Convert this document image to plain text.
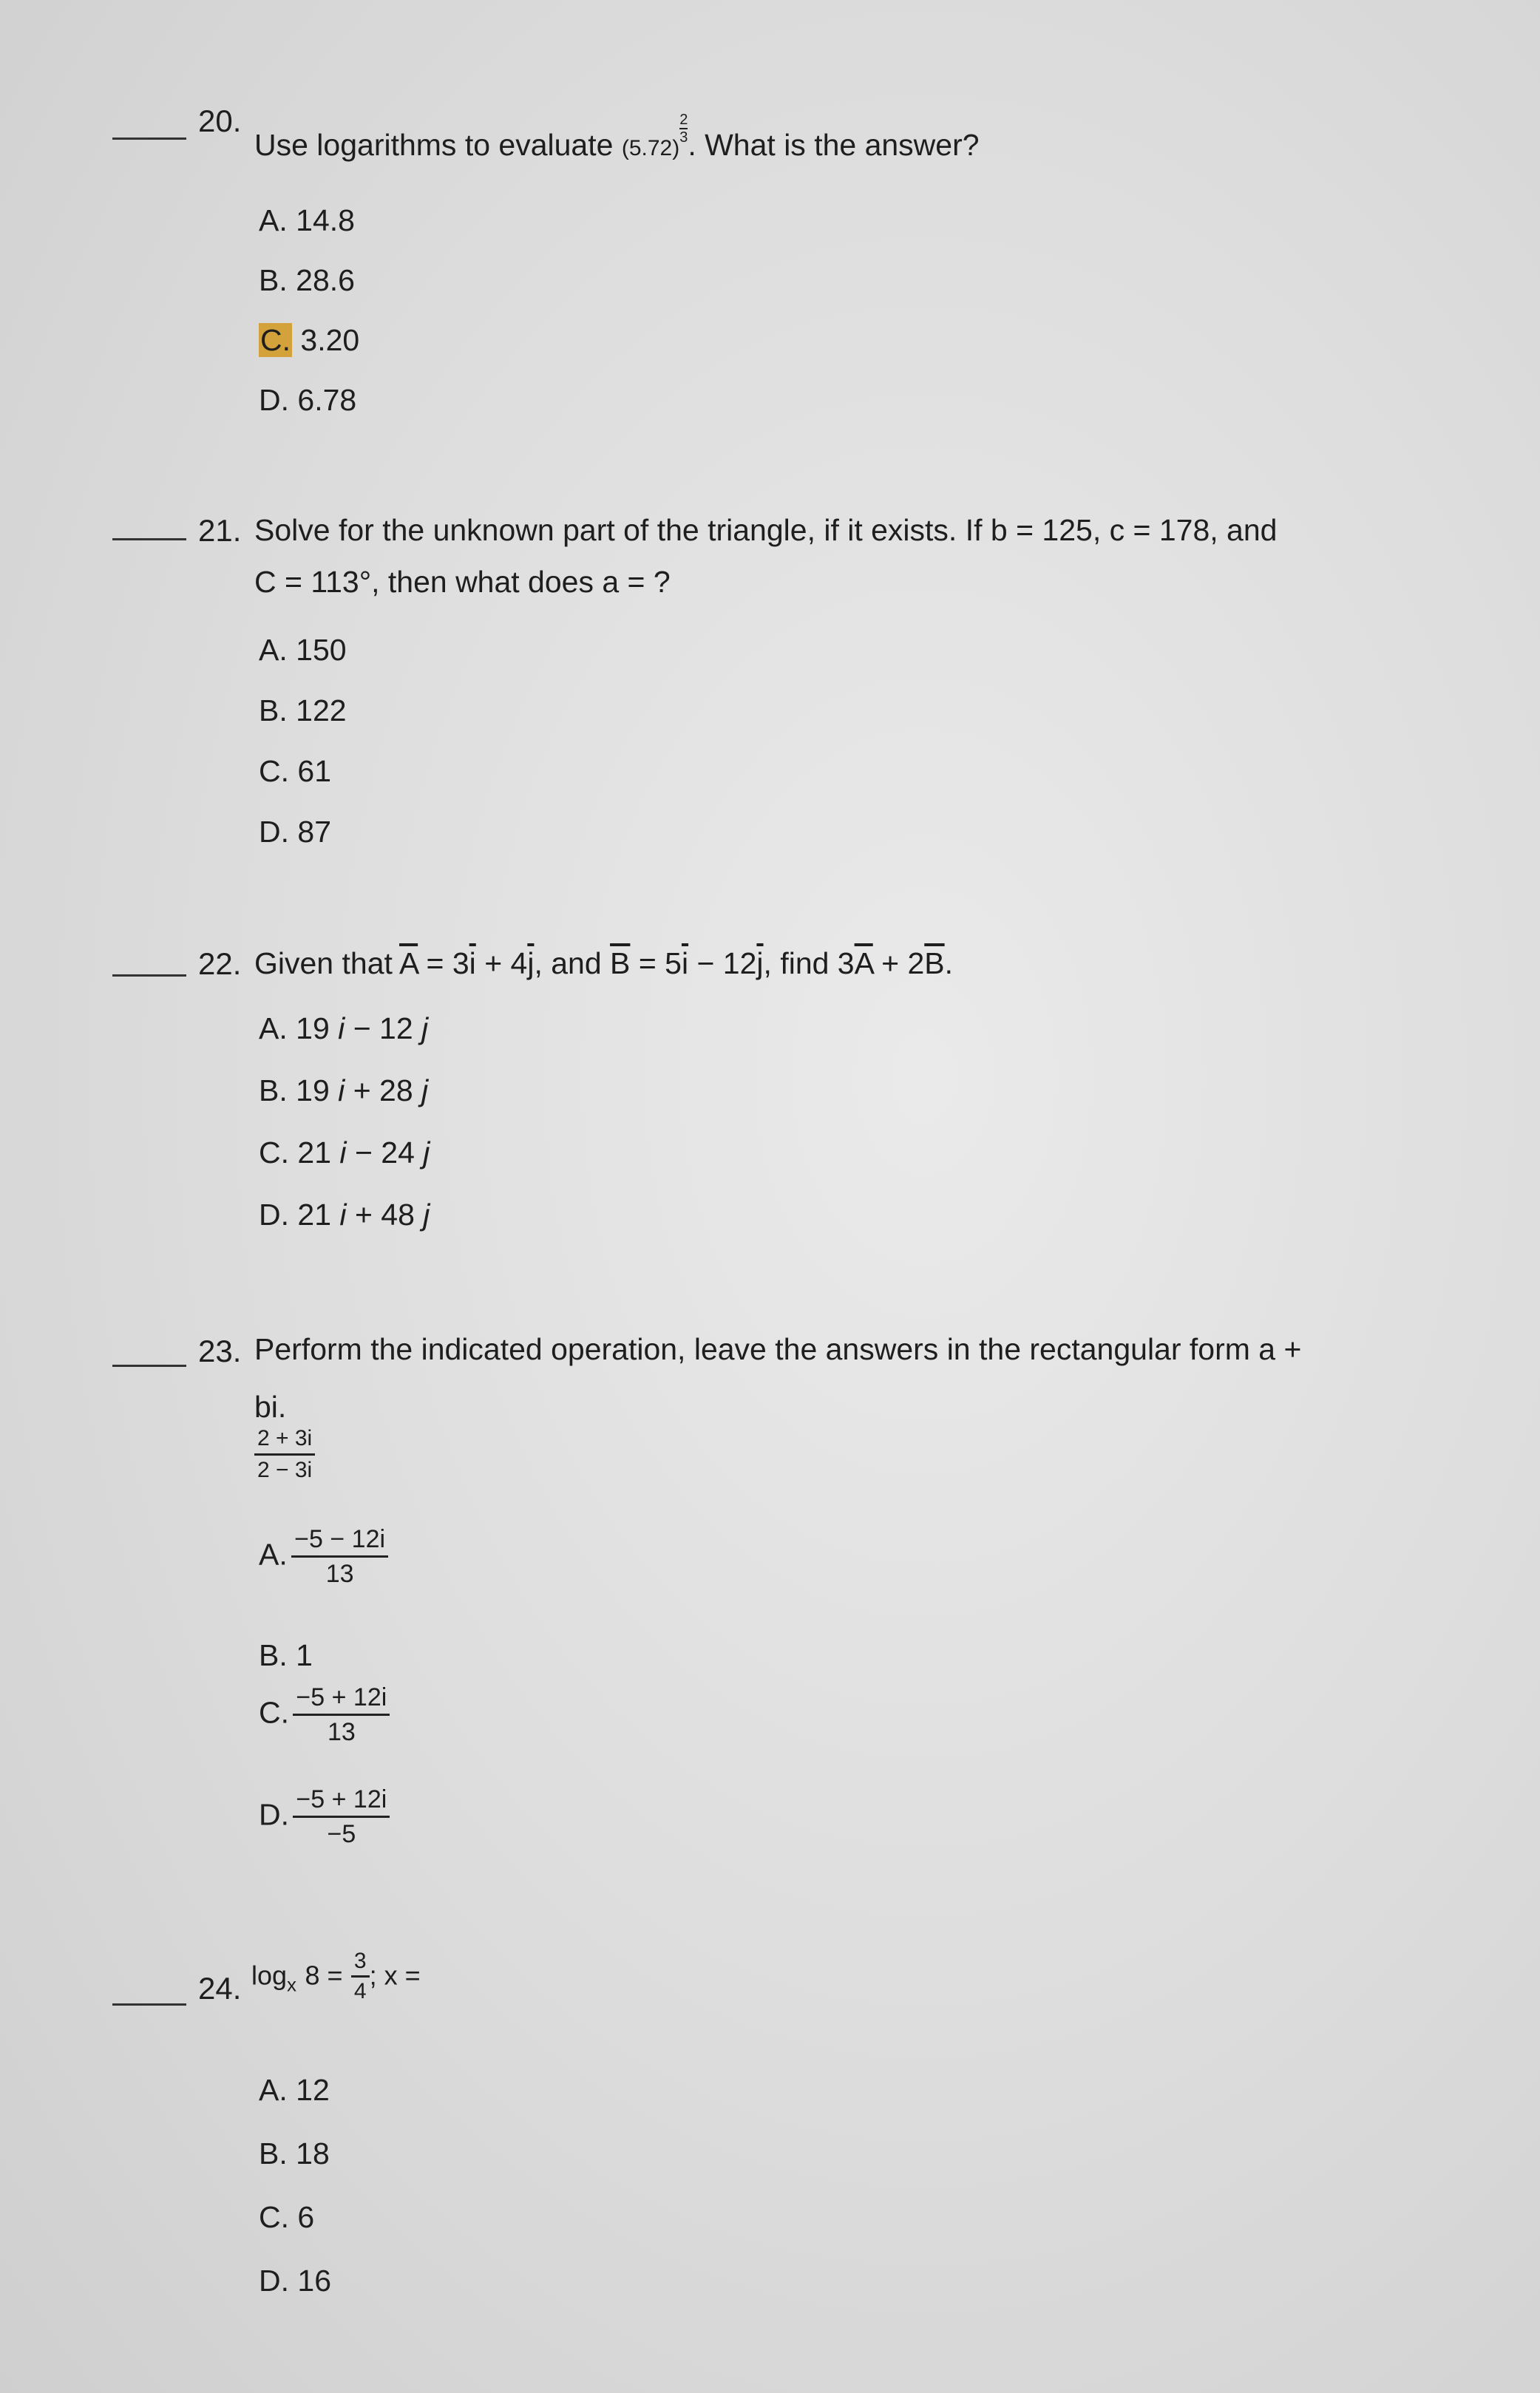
20.
Use logarithms to evaluate $(5.72)\frac{2}{3}$. What is the answer?
A. 14.8
B. 28.6
C. 3.20
D. 6.78
21. Solve for the unknown part of the triangle, if it exists. If b = 125, c = 178, and
C = 113°, then what does a = ?
A. 150
B. 122
C. 61
D. 87
22. Given that $\overline{A} = 3\overline{i} + 4\overline{j}$, and $\overline{B} = 5\overline{i} - 12\overline{j}$, find $3\overline{A} + 2\overline{B}$.
A. 19 i − 12 j
B. 19 i + 28 j
C. 21 i − 24 j
D. 21 i + 48 j
23. Perform the indicated operation, leave the answers in the rectangular form a +
bi.
$\frac{2 + 3i}{2 - 3i}$
A. $\frac{-5 - 12i}{13}$
B. 1
C. $\frac{-5 + 12i}{13}$
D. $\frac{-5 + 12i}{-5}$
24. $\log_x 8 = \frac{3}{4}$ ; x =
A. 12
B. 18
C. 6
D. 16
